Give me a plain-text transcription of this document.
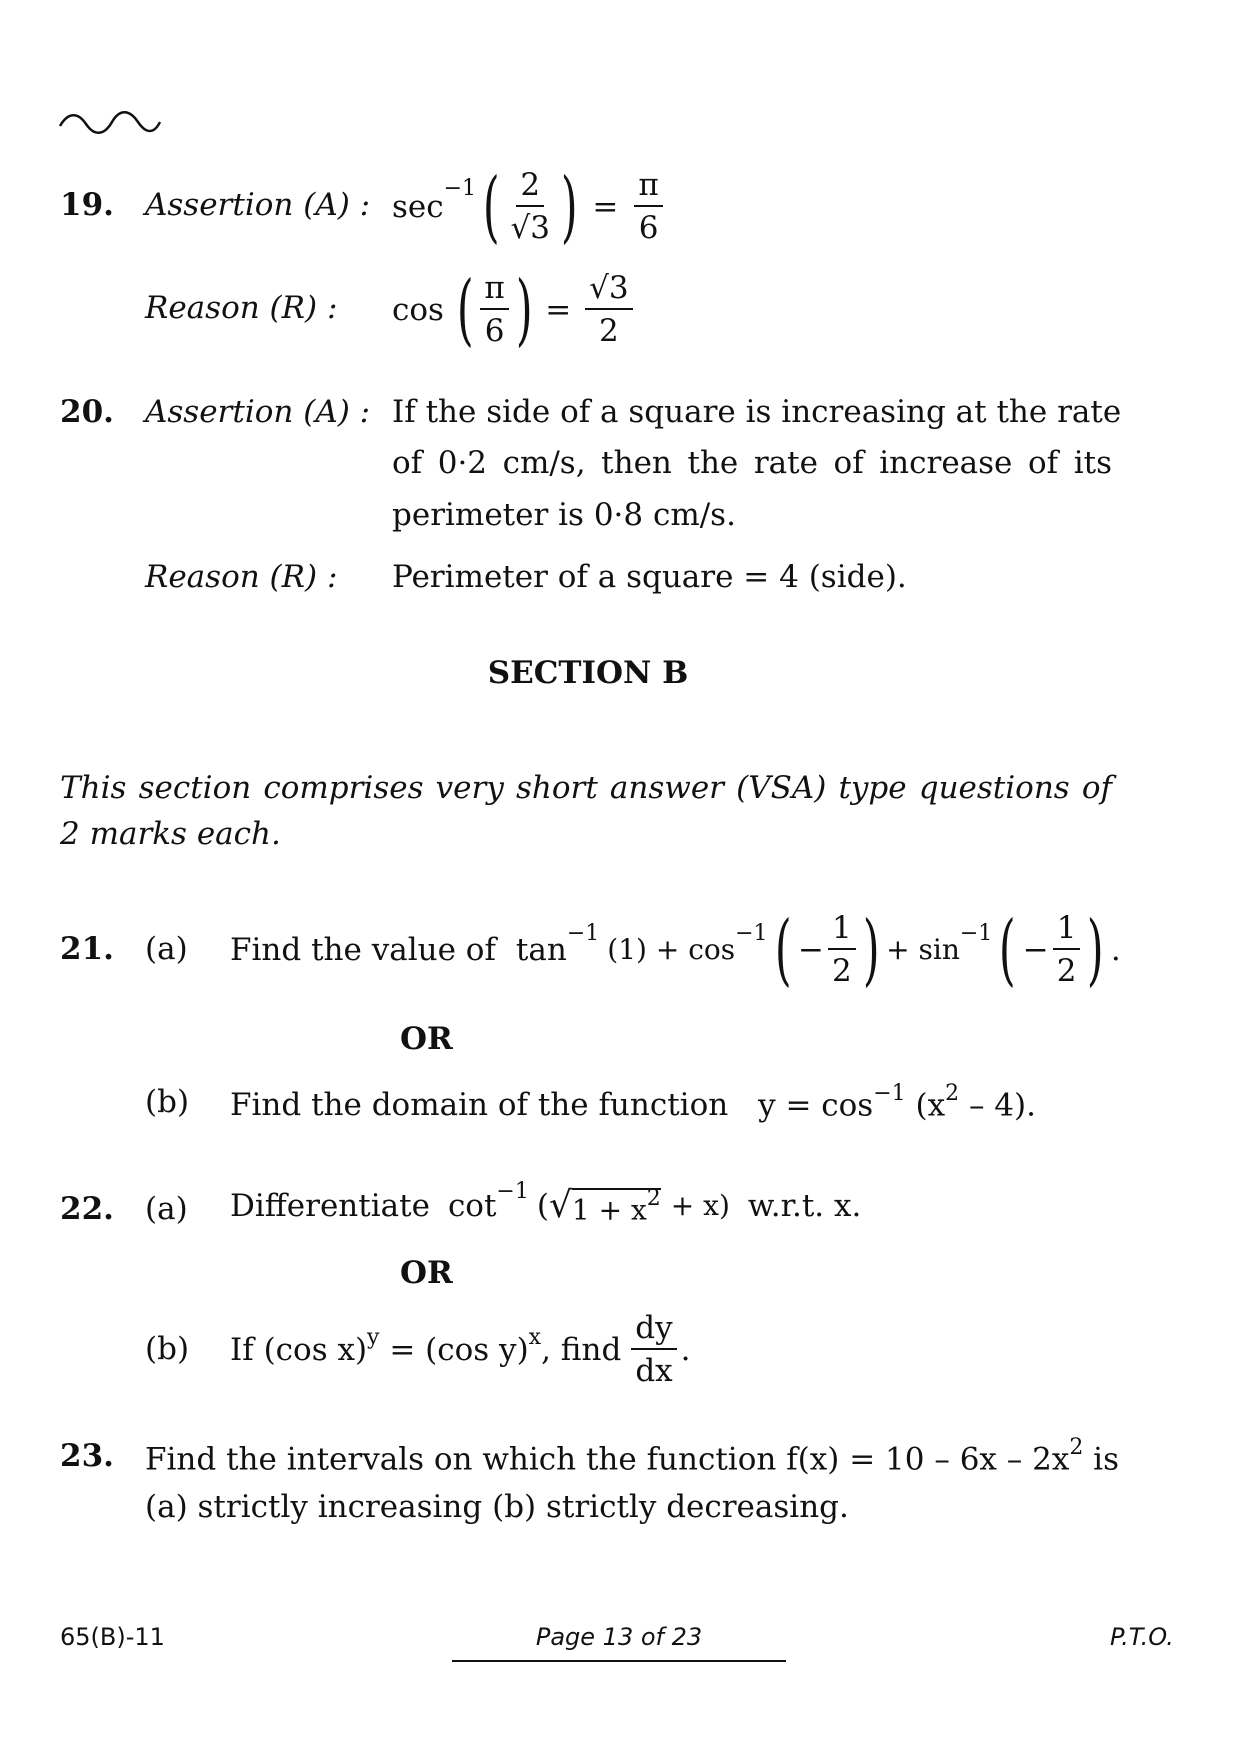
19. Assertion (A) : sec −1 ( $\frac{2}{√3}$ ) = $\frac{\pi}{6}$
Reason (R) : cos ( $\frac{\pi}{6}$ ) = $\frac{√3}{2}$
20. Assertion (A) : If the side of a square is increasing at the rate
of 0·2 cm/s, then the rate of increase of its
perimeter is 0·8 cm/s.
Reason (R) : Perimeter of a square = 4 (side).
SECTION B
This section comprises very short answer (VSA) type questions of
2 marks each.
21. (a) Find the value of tan −1 (1) + cos −1 ( − $\frac{1}{2}$ ) + sin −1 ( − $\frac{1}{2}$ ) .
OR
(b) Find the domain of the function $y = \cos^{-1} (x^2 - 4)$.
22. (a) Differentiate cot −1 ( √ $1 + x^2 + x$) w.r.t. x.
OR
(b) If (cos x) y = (cos y) x , find $\frac{dy}{dx}$ .
23. Find the intervals on which the function $f(x) = 10 - 6x - 2x^2$ is
(a) strictly increasing (b) strictly decreasing.
65(B)-11	Page 13 of 23	P.T.O.
